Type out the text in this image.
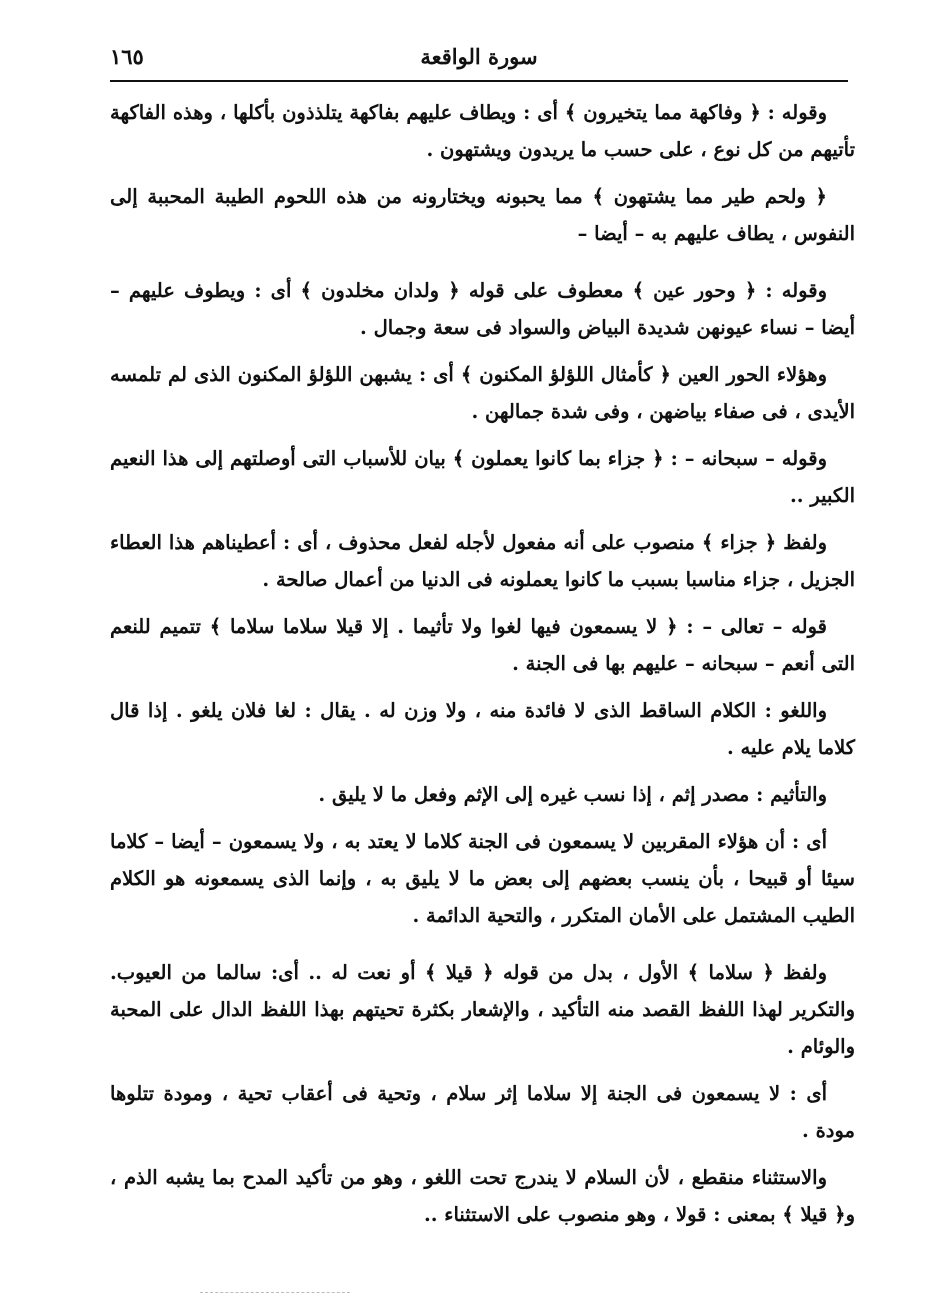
سورة الواقعة
١٦٥

وقوله : ﴿ وفاكهة مما يتخيرون ﴾ أى : ويطاف عليهم بفاكهة يتلذذون بأكلها ، وهذه الفاكهة تأتيهم من كل نوع ، على حسب ما يريدون ويشتهون .

﴿ ولحم طير مما يشتهون ﴾ مما يحبونه ويختارونه من هذه اللحوم الطيبة المحببة إلى النفوس ، يطاف عليهم به – أيضا –

وقوله : ﴿ وحور عين ﴾ معطوف على قوله ﴿ ولدان مخلدون ﴾ أى : ويطوف عليهم – أيضا – نساء عيونهن شديدة البياض والسواد فى سعة وجمال .

وهؤلاء الحور العين ﴿ كأمثال اللؤلؤ المكنون ﴾ أى : يشبهن اللؤلؤ المكنون الذى لم تلمسه الأيدى ، فى صفاء بياضهن ، وفى شدة جمالهن .

وقوله – سبحانه – : ﴿ جزاء بما كانوا يعملون ﴾ بيان للأسباب التى أوصلتهم إلى هذا النعيم الكبير ..

ولفظ ﴿ جزاء ﴾ منصوب على أنه مفعول لأجله لفعل محذوف ، أى : أعطيناهم هذا العطاء الجزيل ، جزاء مناسبا بسبب ما كانوا يعملونه فى الدنيا من أعمال صالحة .

قوله – تعالى – : ﴿ لا يسمعون فيها لغوا ولا تأثيما . إلا قيلا سلاما سلاما ﴾ تتميم للنعم التى أنعم – سبحانه – عليهم بها فى الجنة .

واللغو : الكلام الساقط الذى لا فائدة منه ، ولا وزن له . يقال : لغا فلان يلغو . إذا قال كلاما يلام عليه .

والتأثيم : مصدر إثم ، إذا نسب غيره إلى الإثم وفعل ما لا يليق .

أى : أن هؤلاء المقربين لا يسمعون فى الجنة كلاما لا يعتد به ، ولا يسمعون – أيضا – كلاما سيئا أو قبيحا ، بأن ينسب بعضهم إلى بعض ما لا يليق به ، وإنما الذى يسمعونه هو الكلام الطيب المشتمل على الأمان المتكرر ، والتحية الدائمة .

ولفظ ﴿ سلاما ﴾ الأول ، بدل من قوله ﴿ قيلا ﴾ أو نعت له .. أى: سالما من العيوب. والتكرير لهذا اللفظ القصد منه التأكيد ، والإشعار بكثرة تحيتهم بهذا اللفظ الدال على المحبة والوئام .

أى : لا يسمعون فى الجنة إلا سلاما إثر سلام ، وتحية فى أعقاب تحية ، ومودة تتلوها مودة .

والاستثناء منقطع ، لأن السلام لا يندرج تحت اللغو ، وهو من تأكيد المدح بما يشبه الذم ، و﴿ قيلا ﴾ بمعنى : قولا ، وهو منصوب على الاستثناء ..
